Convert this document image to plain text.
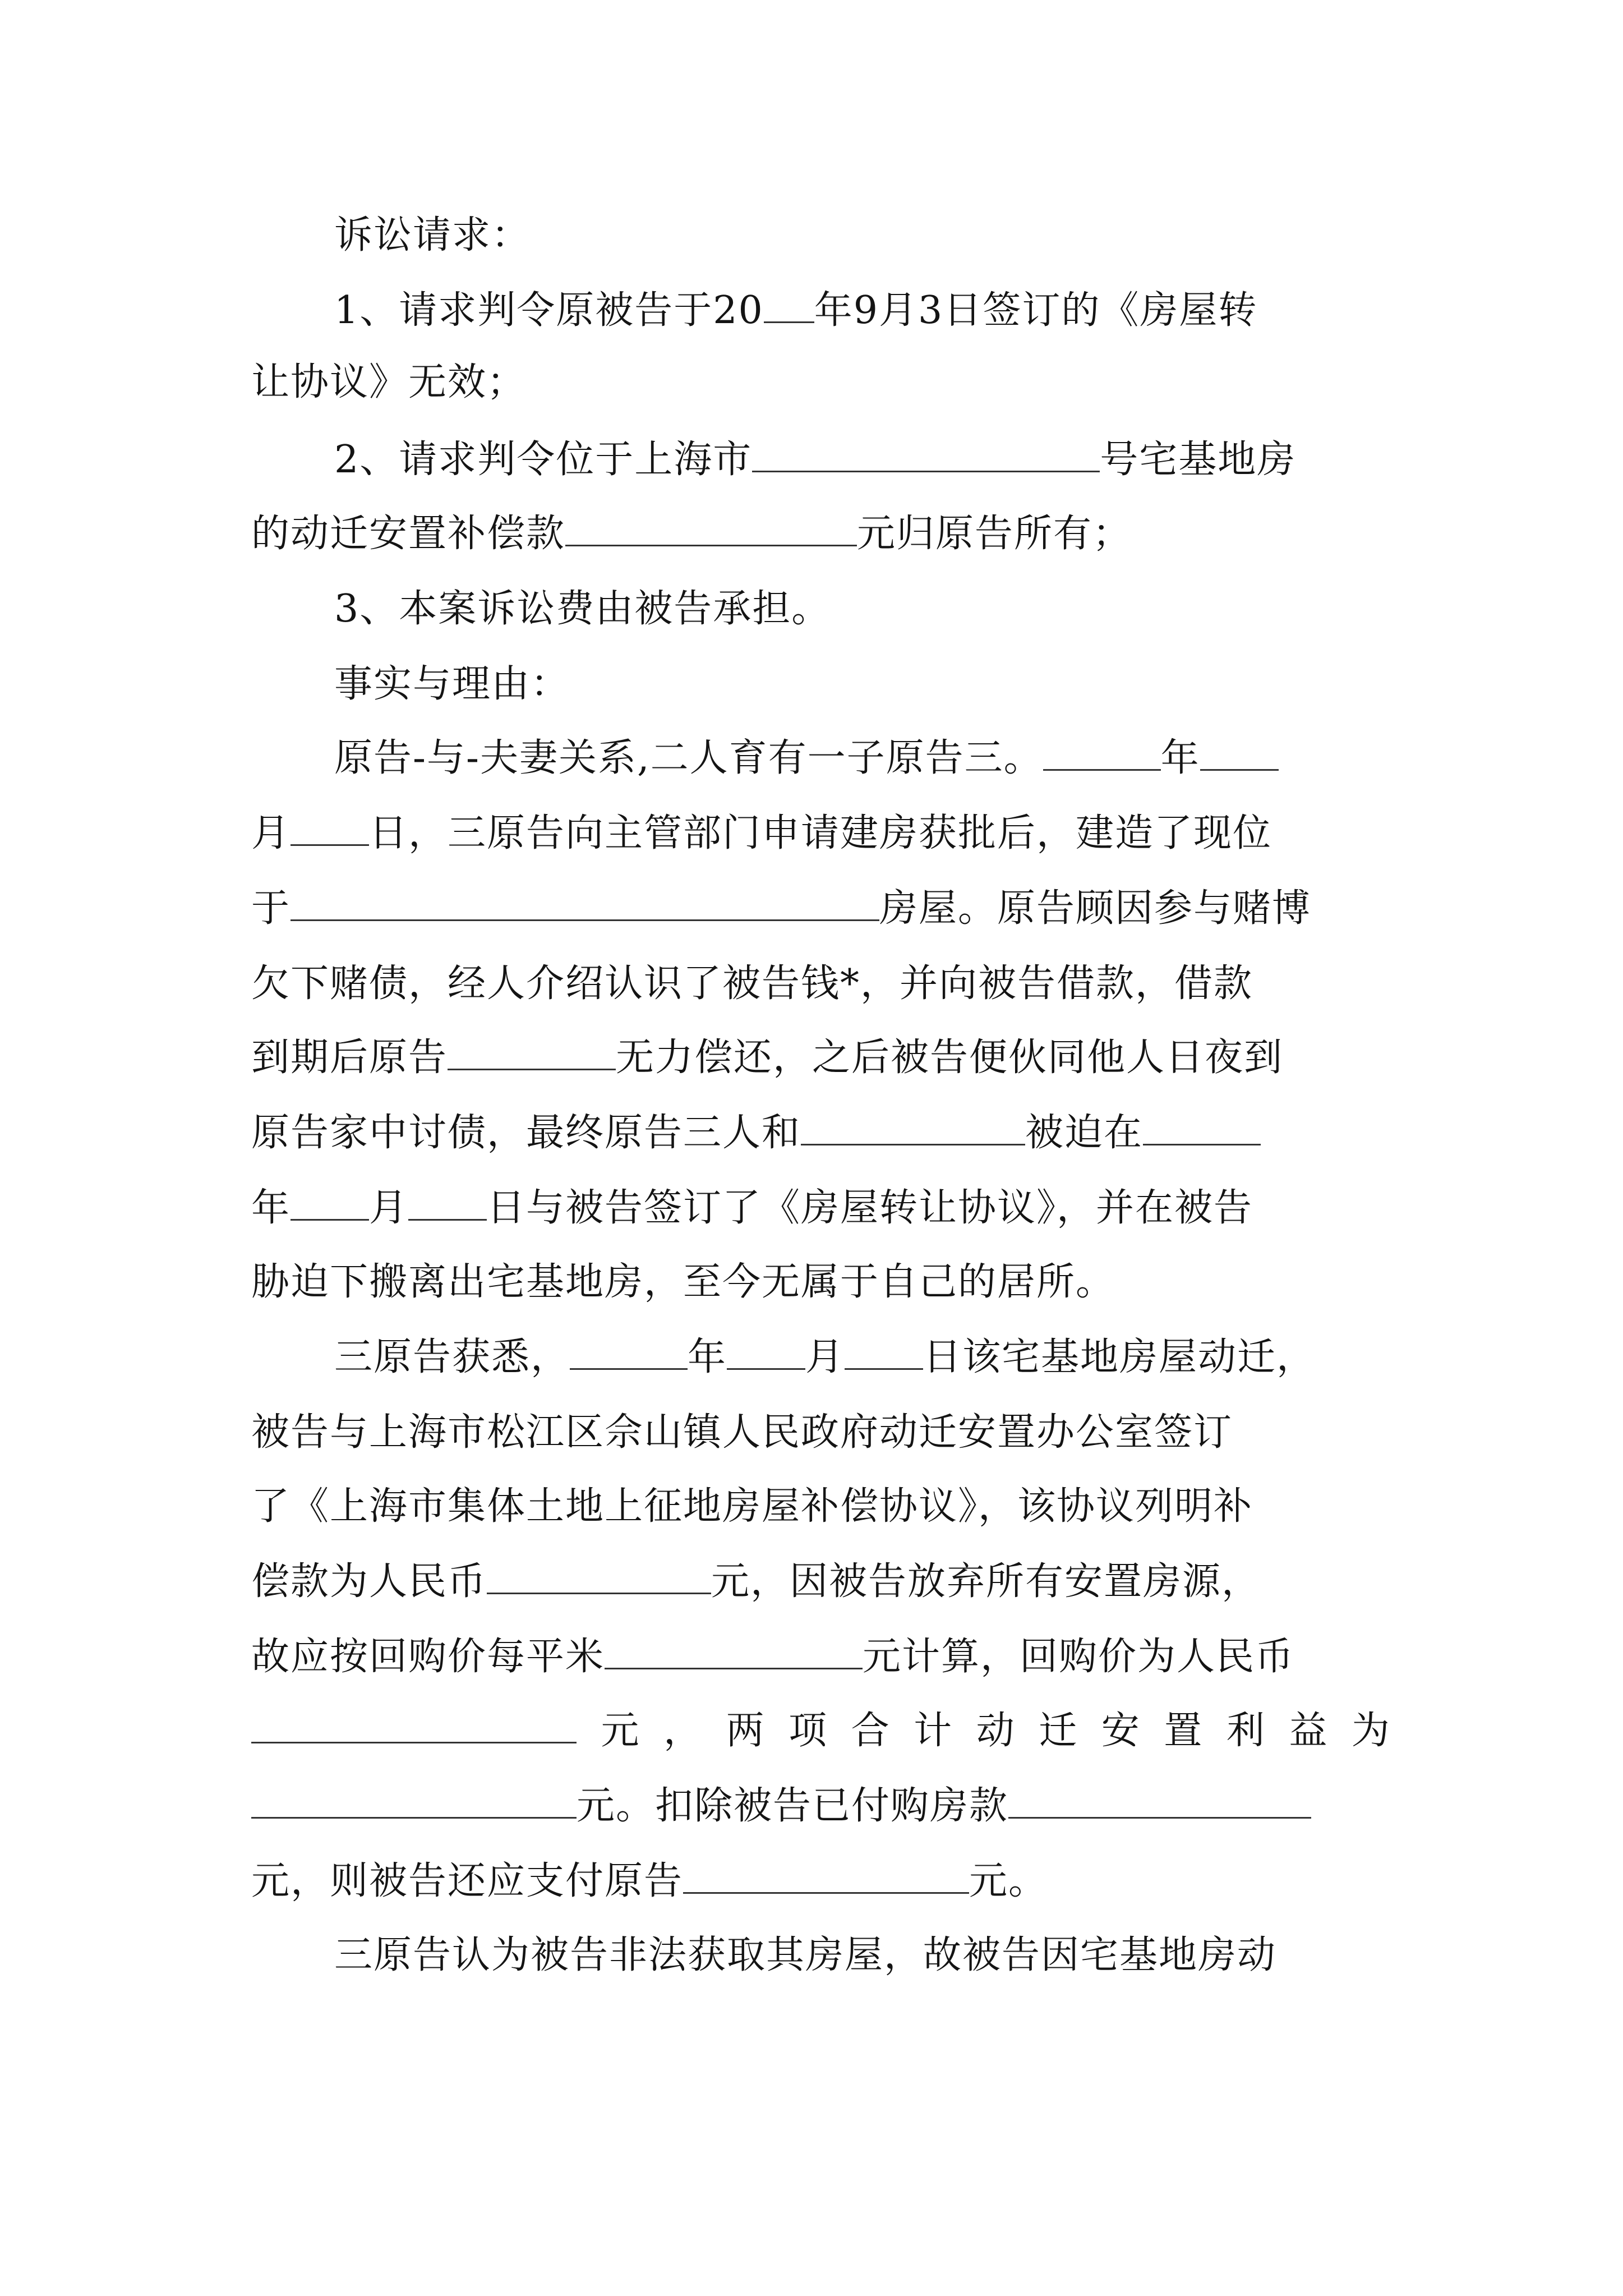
诉讼请求：
1、请求判令原被告于20 年9月3日签订的《房屋转
让协议》无效；
2、请求判令位于上海市	号宅基地房
的动迁安置补偿款	元归原告所有；
3、本案诉讼费由被告承担。
事实与理由：
原告-与-夫妻关系,二人育有一子原告三。	年
月 日，三原告向主管部门申请建房获批后，建造了现位
于	房屋。原告顾因参与赌博
欠下赌债，经人介绍认识了被告钱*，并向被告借款，借款
到期后原告	无力偿还，之后被告便伙同他人日夜到
原告家中讨债，最终原告三人和	被迫在
年 月 日与被告签订了《房屋转让协议》，并在被告
胁迫下搬离出宅基地房，至今无属于自己的居所。
三原告获悉，	年 月 日该宅基地房屋动迁，
被告与上海市松江区佘山镇人民政府动迁安置办公室签订
了《上海市集体土地上征地房屋补偿协议》，该协议列明补
偿款为人民币	元，因被告放弃所有安置房源，
故应按回购价每平米	元计算，回购价为人民币
元 ， 两 项 合 计 动 迁 安 置 利 益 为
元。扣除被告已付购房款
元，则被告还应支付原告	元。
三原告认为被告非法获取其房屋，故被告因宅基地房动
